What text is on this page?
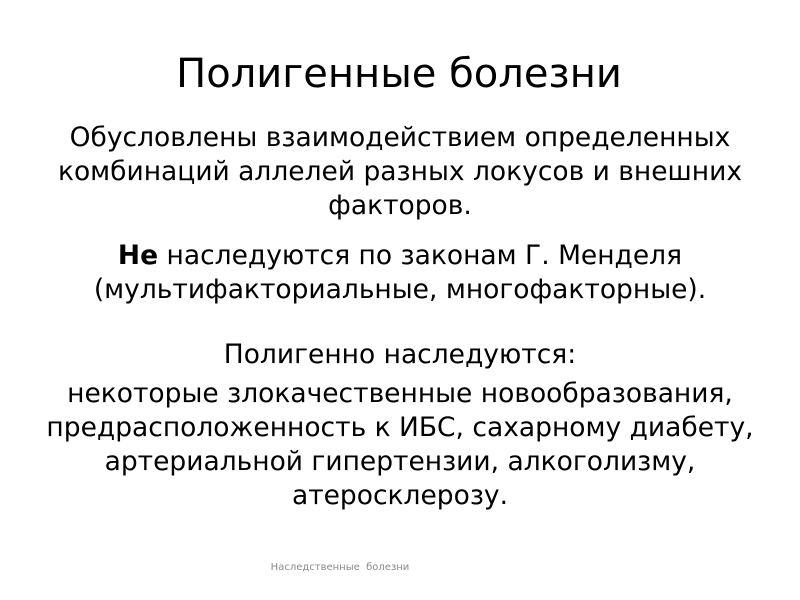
Полигенные болезни

Обусловлены взаимодействием определенных комбинаций аллелей разных локусов и внешних факторов.

Не наследуются по законам Г. Менделя (мультифакториальные, многофакторные).

Полигенно наследуются:

некоторые злокачественные новообразования, предрасположенность к ИБС, сахарному диабету, артериальной гипертензии, алкоголизму, атеросклерозу.

Наследственные  болезни
